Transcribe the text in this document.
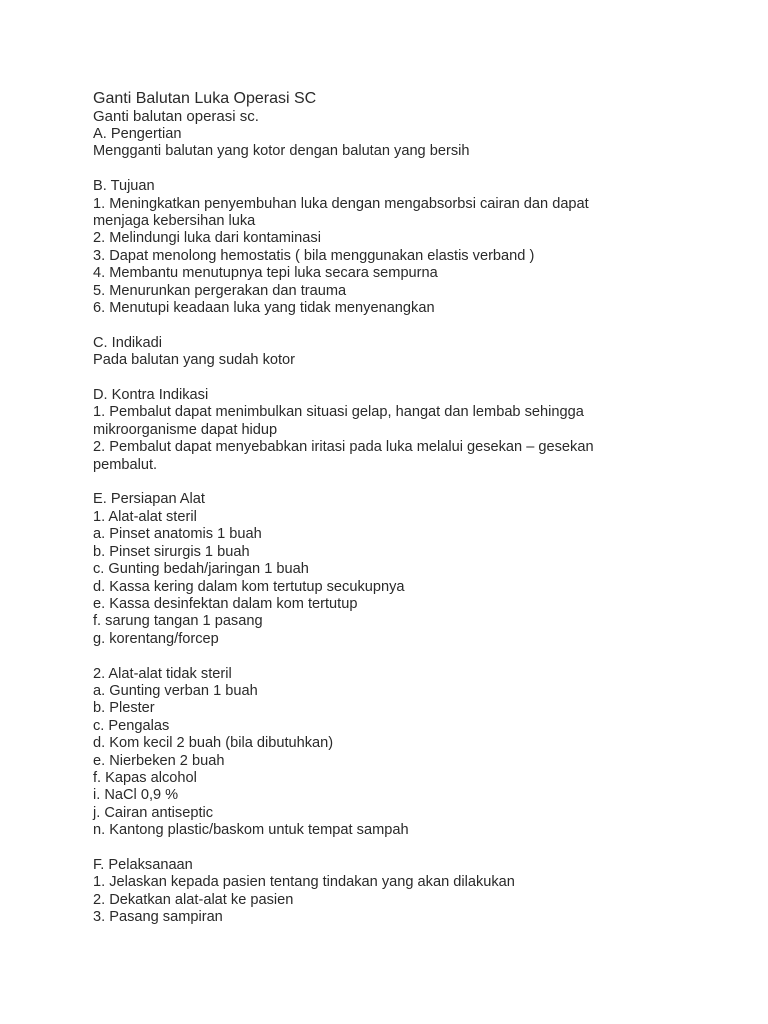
Ganti Balutan Luka Operasi SC
Ganti balutan operasi sc.
A. Pengertian
Mengganti balutan yang kotor dengan balutan yang bersih
B. Tujuan
1. Meningkatkan penyembuhan luka dengan mengabsorbsi cairan dan dapat
menjaga kebersihan luka
2. Melindungi luka dari kontaminasi
3. Dapat menolong hemostatis ( bila menggunakan elastis verband )
4. Membantu menutupnya tepi luka secara sempurna
5. Menurunkan pergerakan dan trauma
6. Menutupi keadaan luka yang tidak menyenangkan
C. Indikadi
Pada balutan yang sudah kotor
D. Kontra Indikasi
1. Pembalut dapat menimbulkan situasi gelap, hangat dan lembab sehingga
mikroorganisme dapat hidup
2. Pembalut dapat menyebabkan iritasi pada luka melalui gesekan – gesekan
pembalut.
E. Persiapan Alat
1. Alat-alat steril
a. Pinset anatomis 1 buah
b. Pinset sirurgis 1 buah
c. Gunting bedah/jaringan 1 buah
d. Kassa kering dalam kom tertutup secukupnya
e. Kassa desinfektan dalam kom tertutup
f. sarung tangan 1 pasang
g. korentang/forcep
2. Alat-alat tidak steril
a. Gunting verban 1 buah
b. Plester
c. Pengalas
d. Kom kecil 2 buah (bila dibutuhkan)
e. Nierbeken 2 buah
f. Kapas alcohol
i. NaCl 0,9 %
j. Cairan antiseptic
n. Kantong plastic/baskom untuk tempat sampah
F. Pelaksanaan
1. Jelaskan kepada pasien tentang tindakan yang akan dilakukan
2. Dekatkan alat-alat ke pasien
3. Pasang sampiran
